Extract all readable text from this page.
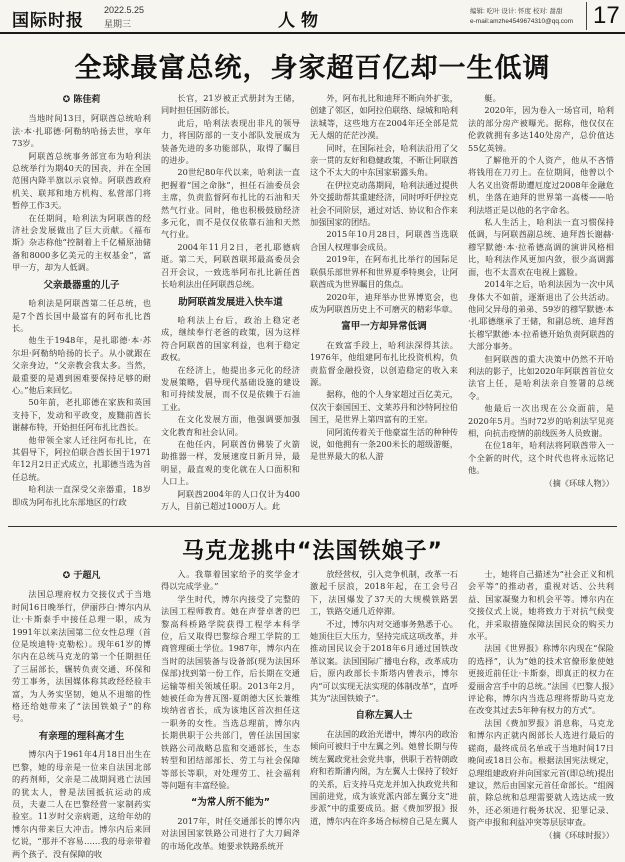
国际时报
2022.5.25
星期三	人物	编辑: 吃叶 设计: 怀度 校对: 甜甜
e-mail:amzhe4549674310@qq.com 17
全球最富总统，身家超百亿却一生低调
✪ 陈佳莉

当地时间13日，阿联酋总统哈利法·本·扎耶德·阿勒纳哈扬去世，享年73岁。

阿联酋总统事务部宣布为哈利法总统举行为期40天的国丧，并在全国范围内降半旗以示哀悼。阿联酋政府机关、联邦和地方机构、私营部门将暂停工作3天。

在任期间，哈利法为阿联酋的经济社会发展做出了巨大贡献。《福布斯》杂志称他“控制着上千亿桶原油储备和8000多亿美元的主权基金”，富甲一方，却为人低调。

父亲最器重的儿子

哈利法是阿联酋第二任总统，也是7个酋长国中最富有的阿布扎比酋长。

他生于1948年，是扎耶德·本·苏尔坦·阿勒纳哈扬的长子。从小就跟在父亲身边，“父亲教会我太多。当然，最重要的是遇到困难要保持足够的耐心。”他后来回忆。

50年前，老扎耶德在家族和英国支持下，发动和平政变，废黜前酋长谢赫布特，开始担任阿布扎比酋长。

他带领全家人迁往阿布扎比，在其倡导下，阿拉伯联合酋长国于1971年12月2日正式成立，扎耶德当选为首任总统。

哈利法一直深受父亲器重，18岁即成为阿布扎比东部地区的行政

长官，21岁被正式册封为王储，同时担任国防部长。

此后，哈利法表现出非凡的领导力，将国防部的一支小部队发展成为装备先进的多功能部队，取得了瞩目的进步。

20世纪80年代以来，哈利法一直把握着“国之命脉”，担任石油委员会主席，负责监督阿布扎比的石油和天然气行业。同时，他也积极鼓励经济多元化，而不是仅仅依靠石油和天然气行业。

2004年11月2日，老扎耶德病逝。第二天，阿联酋联邦最高委员会召开会议，一致选举阿布扎比新任酋长哈利法出任阿联酋总统。

助阿联酋发展进入快车道

哈利法上台后，政治上稳定老成，继续奉行老爸的政策，因为这样符合阿联酋的国家利益，也利于稳定政权。

在经济上，他提出多元化的经济发展策略，倡导现代基础设施的建设和可持续发展，而不仅是依赖于石油工业。

在文化发展方面，他强调要加强文化教育和社会认同。

在他任内，阿联酋仿佛装了火箭助推器一样，发展速度日新月异，最明显，最直观的变化就在人口面积和人口上。

阿联酋2004年的人口仅计为400万人，目前已超过1000万人。此

外，阿布扎比和迪拜不断向外扩张，创建了邻区，如阿拉伯联络、绿城和哈利法城等，这些地方在2004年还全部是荒无人烟的茫茫沙漠。

同时，在国际社会，哈利法沿用了父亲一贯的友好和稳健政策，不断让阿联酋这个不太大的中东国家崭露头角。

在伊拉克动荡期间，哈利法通过提供外交援助帮其重建经济，同时呼吁伊拉克社会不同阶层，通过对话、协议和合作来加强国家的团结。

2015年10月28日，阿联酋当选联合国人权理事会成员。

2019年，在阿布扎比举行的国际足联俱乐部世界杯和世界夏季特奥会，让阿联酋成为世界瞩目的焦点。

2020年，迪拜举办世界博览会，也成为阿联酋历史上不可磨灭的精彩华章。

富甲一方却异常低调

在致富手段上，哈利法深得其法。1976年，他组建阿布扎比投资机构，负责监督金融投资，以创造稳定的收入来源。

据称，他的个人身家超过百亿美元，仅次于泰国国王、文莱苏丹和沙特阿拉伯国王，是世界上第四富有的王室。

同阿流传着关于他豪富生活的种种传说，如他拥有一条200米长的超级游艇，是世界最大的私人游

艇。

2020年，因为卷入一场官司，哈利法的部分房产被曝光。据称，他仅仅在伦敦就拥有多达140处房产，总价值达55亿英镑。

了解他开的个人资产，他从不吝惜将钱用在刀刃上。在位期间，他曾以个人名义出资帮助遭厄度过2008年金融危机，坐落在迪拜的世界第一高楼——哈利法塔正是以他的名字命名。

私人生活上，哈利法一直习惯保持低调，与阿联酋副总统、迪拜酋长谢赫·穆罕默德·本·拉希德高调的演讲风格相比，哈利法作风更加内敛，很少高调露面，也不太喜欢在电视上露脸。

2014年之后，哈利法因为一次中风身体大不如前，逐渐退出了公共活动。他同父异母的弟弟、59岁的穆罕默德·本·扎耶德继承了王储，和副总统、迪拜酋长穆罕默德·本·拉希德开始负责阿联酋的大部分事务。

但阿联酋的重大决策中仍然不开哈利法的影子，比如2020年阿联酋首位女法官上任，是哈利法亲自签署的总统令。

他最后一次出现在公众面前，是2020年5月。当时72岁的哈利法罕见亮相，向抗击疫情的前线医务人员致谢。

在位18年，哈利法将阿联酋带入一个全新的时代，这个时代也将永远铭记他。

（摘《环球人物》）
马克龙挑中“法国铁娘子”
✪ 于超凡

法国总理府权力交接仪式于当地时间16日晚举行，伊丽莎白·博尔内从让·卡斯泰手中接任总理一职，成为1991年以来法国第二位女性总理（首位是埃迪特·克勒松）。现年61岁的博尔内在总统马克龙的第一个任期担任了三届部长，辗转负责交通、环保和劳工事务，法国媒体称其政经经验丰富，为人务实坚韧，她从不退缩的性格还给她带来了“法国铁娘子”的称号。

有亲理的理科高才生

博尔内于1961年4月18日出生在巴黎，她的母亲是一位来自法国北部的药剂师，父亲是二战期间逃亡法国的犹太人，曾是法国抵抗运动的成员，夫妻二人在巴黎经营一家制药实验室。11岁时父亲病逝，这给年幼的博尔内带来巨大冲击。博尔内后来回忆说，“那并不容易……我的母亲带着两个孩子，没有保障的收

入。我靠着国家给予的奖学金才得以完成学业。”

学生时代，博尔内接受了完整的法国工程师教育。她在声誉卓著的巴黎高科桥路学院获得工程学本科学位，后又取得巴黎综合理工学院的工商管理硕士学位。1987年，博尔内在当时的法国装备与设备部(现为法国环保部)找到第一份工作，后长期在交通运输等相关领域任职。2013年2月，她被任命为普瓦图-夏朗德大区长兼维埃纳省省长，成为该地区首次担任这一职务的女性。当选总理前，博尔内长期供职于公共部门，曾任法国国家铁路公司战略总监和交通部长，生态转型和团结部部长、劳工与社会保障等部长等职，对处理劳工、社会福利等问题有丰富经验。

“为常人所不能为”

2017年，时任交通部长的博尔内对法国国家铁路公司进行了大刀阔斧的市场化改革。她要求铁路系统开

放经营权，引入竞争机制，改革一石激起千层浪，2018年起，在工会号召下，法国爆发了37天的大规模铁路罢工，铁路交通几近停滞。

不过，博尔内对交通事务熟悉于心。她顶住巨大压力，坚持完成这项改革，并推动国民议会于2018年6月通过国铁改革议案。法国国际广播电台称，改革成功后，原内政部长卡斯塔内曾表示，博尔内“可以实现无法实现的体制改革”，直呼其为“法国铁娘子”。

自称左翼人士

在法国的政治光谱中，博尔内的政治倾向可被归于中左翼之列。她曾长期与传统左翼政党社会党共事，供职于若特朗政府和若斯潘内阁，为左翼人士保持了较好的关系，后支持马克龙并加入执政党共和国前进党，成为该党派内部左翼分支“进步派”中的重要成员。据《费加罗报》报道，博尔内在许多场合标榜自己是左翼人

士，她将自己描述为“社会正义和机会平等”的推动者，重视对话、公共利益、国家凝聚力和机会平等。博尔内在交接仪式上说，她将致力于对抗气候变化，并采取措施保障法国民众的购买力水平。

法国《世界报》称博尔内现在“保险的选择”，认为“她的技术官僚形象使她更接近前任让·卡斯泰，即真正的权力在爱丽舍宫手中的总统。”法国《巴黎人报》评论称，博尔内当选总理将帮助马克龙在改变其过去5年种有权力的方式”。

法国《费加罗报》消息称，马克龙和博尔内正就内阁部长人选进行最后的磋商，最终成员名单或于当地时间17日晚间或18日公布。根据法国宪法规定，总理组建政府并向国家元首(即总统)提出建议，然后由国家元首任命部长。“组阁前，除总统和总理需要就人选达成一致外，还必须进行税务状况、犯罪记录、资产申报和利益冲突等层层审查。

（摘《环球时报》）
